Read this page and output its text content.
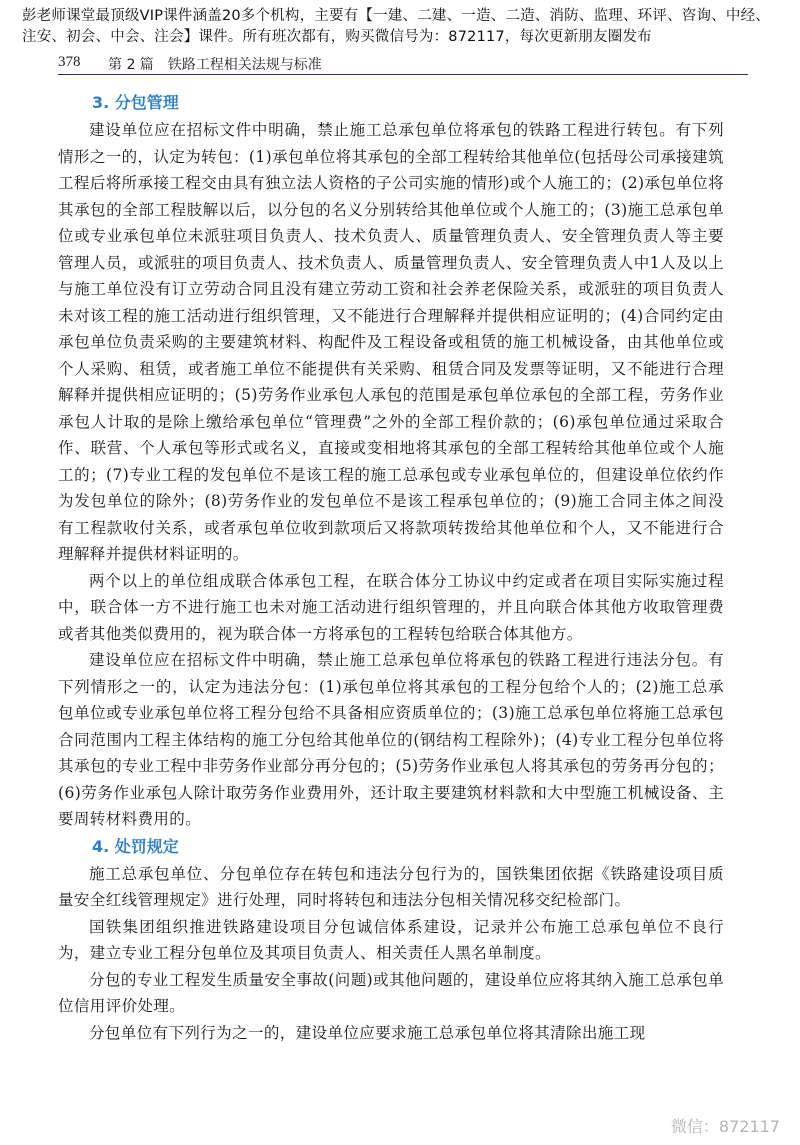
彭老师课堂最顶级VIP课件涵盖20多个机构，主要有【一建、二建、一造、二造、消防、监理、环评、咨询、中经、注安、初会、中会、注会】课件。所有班次都有，购买微信号为：872117，每次更新朋友圈发布
378 第 2 篇　铁路工程相关法规与标准
3. 分包管理

建设单位应在招标文件中明确，禁止施工总承包单位将承包的铁路工程进行转包。有下列情形之一的，认定为转包：(1)承包单位将其承包的全部工程转给其他单位(包括母公司承接建筑工程后将所承接工程交由具有独立法人资格的子公司实施的情形)或个人施工的；(2)承包单位将其承包的全部工程肢解以后，以分包的名义分别转给其他单位或个人施工的；(3)施工总承包单位或专业承包单位未派驻项目负责人、技术负责人、质量管理负责人、安全管理负责人等主要管理人员，或派驻的项目负责人、技术负责人、质量管理负责人、安全管理负责人中1人及以上与施工单位没有订立劳动合同且没有建立劳动工资和社会养老保险关系，或派驻的项目负责人未对该工程的施工活动进行组织管理，又不能进行合理解释并提供相应证明的；(4)合同约定由承包单位负责采购的主要建筑材料、构配件及工程设备或租赁的施工机械设备，由其他单位或个人采购、租赁，或者施工单位不能提供有关采购、租赁合同及发票等证明，又不能进行合理解释并提供相应证明的；(5)劳务作业承包人承包的范围是承包单位承包的全部工程，劳务作业承包人计取的是除上缴给承包单位“管理费”之外的全部工程价款的；(6)承包单位通过采取合作、联营、个人承包等形式或名义，直接或变相地将其承包的全部工程转给其他单位或个人施工的；(7)专业工程的发包单位不是该工程的施工总承包或专业承包单位的，但建设单位依约作为发包单位的除外；(8)劳务作业的发包单位不是该工程承包单位的；(9)施工合同主体之间没有工程款收付关系，或者承包单位收到款项后又将款项转拨给其他单位和个人，又不能进行合理解释并提供材料证明的。

两个以上的单位组成联合体承包工程，在联合体分工协议中约定或者在项目实际实施过程中，联合体一方不进行施工也未对施工活动进行组织管理的，并且向联合体其他方收取管理费或者其他类似费用的，视为联合体一方将承包的工程转包给联合体其他方。

建设单位应在招标文件中明确，禁止施工总承包单位将承包的铁路工程进行违法分包。有下列情形之一的，认定为违法分包：(1)承包单位将其承包的工程分包给个人的；(2)施工总承包单位或专业承包单位将工程分包给不具备相应资质单位的；(3)施工总承包单位将施工总承包合同范围内工程主体结构的施工分包给其他单位的(钢结构工程除外)；(4)专业工程分包单位将其承包的专业工程中非劳务作业部分再分包的；(5)劳务作业承包人将其承包的劳务再分包的；(6)劳务作业承包人除计取劳务作业费用外，还计取主要建筑材料款和大中型施工机械设备、主要周转材料费用的。

4. 处罚规定

施工总承包单位、分包单位存在转包和违法分包行为的，国铁集团依据《铁路建设项目质量安全红线管理规定》进行处理，同时将转包和违法分包相关情况移交纪检部门。

国铁集团组织推进铁路建设项目分包诚信体系建设，记录并公布施工总承包单位不良行为，建立专业工程分包单位及其项目负责人、相关责任人黑名单制度。

分包的专业工程发生质量安全事故(问题)或其他问题的，建设单位应将其纳入施工总承包单位信用评价处理。

分包单位有下列行为之一的，建设单位应要求施工总承包单位将其清除出施工现

微信：872117
